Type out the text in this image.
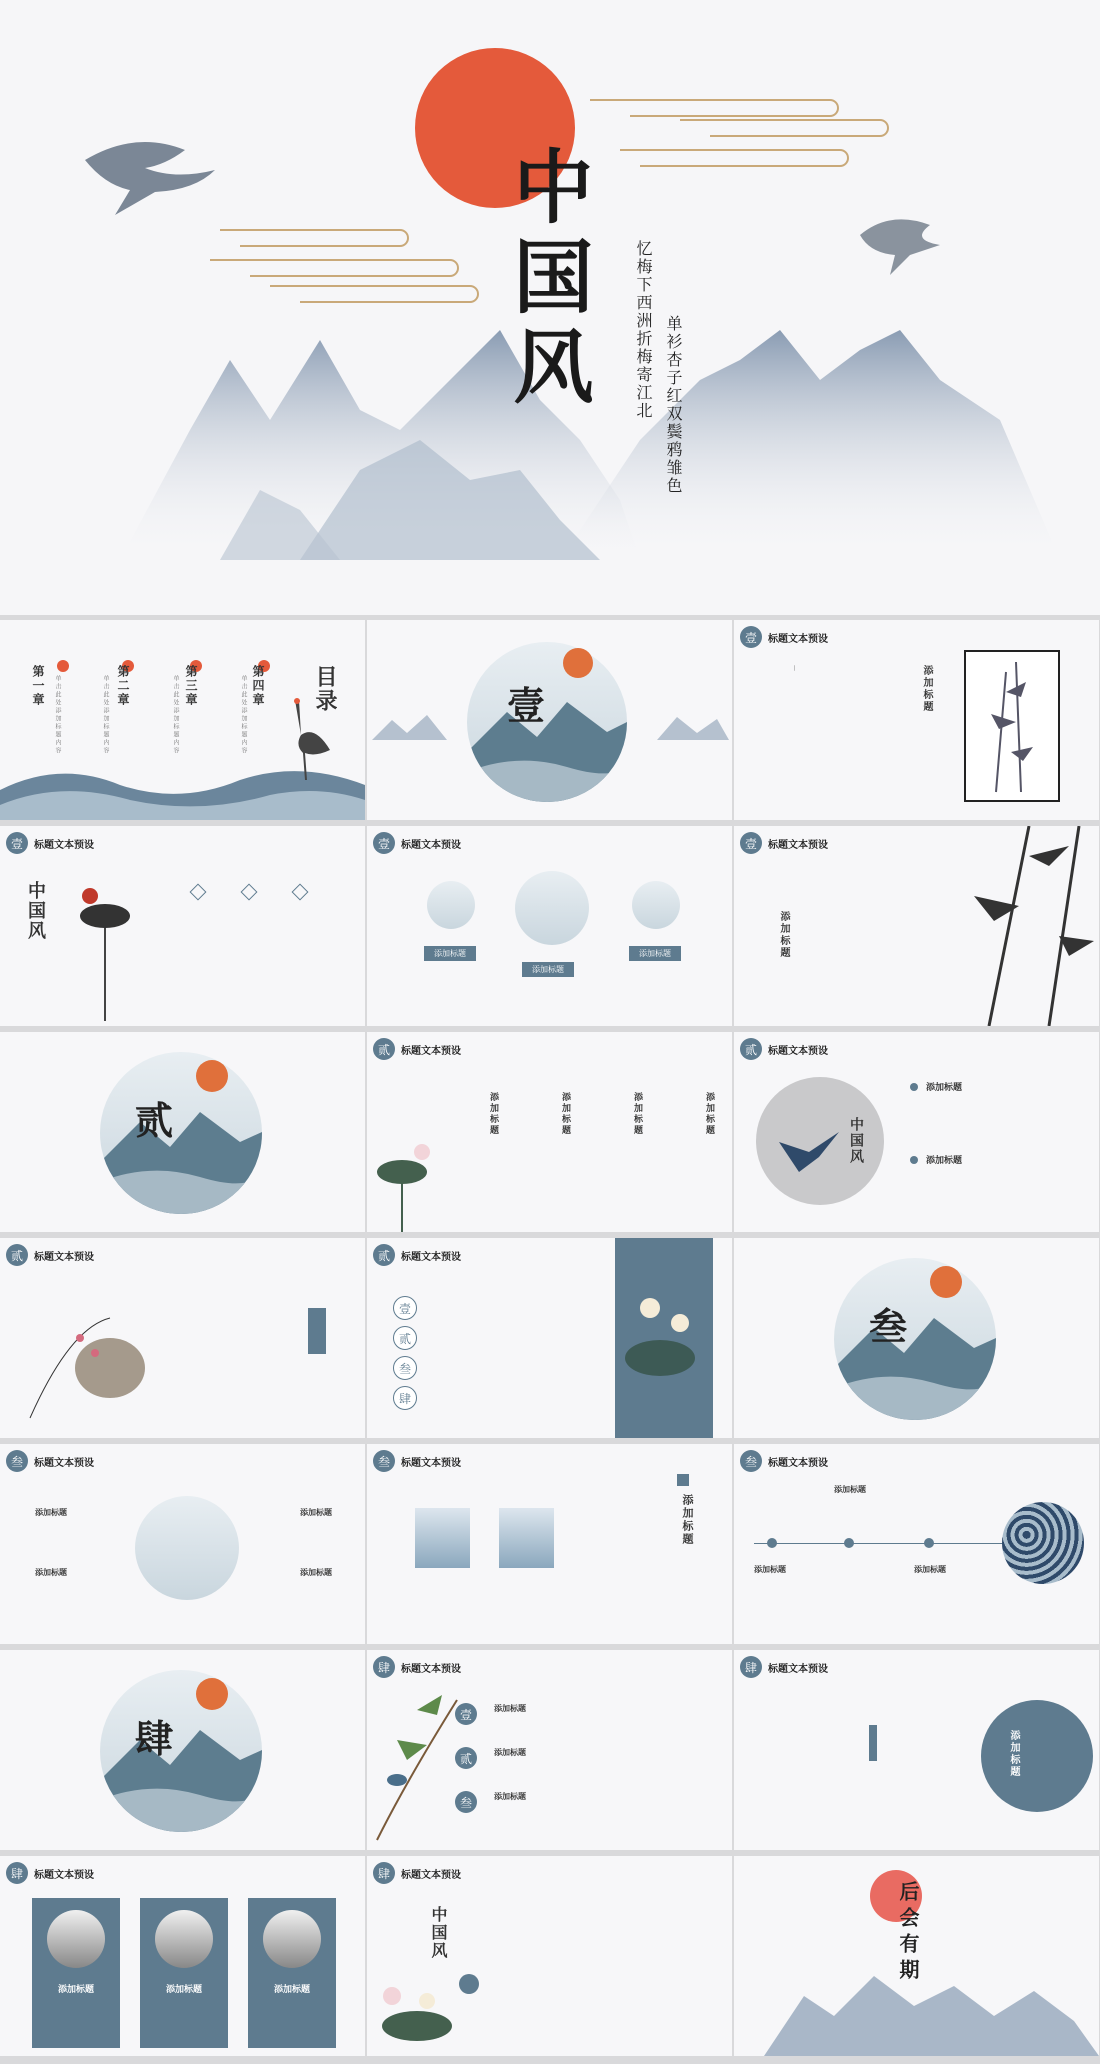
中国风	忆梅下西洲折梅寄江北 单衫杏子红双鬓鸦雏色
第一章	单击此处添加标题内容	第二章
单击此处添加标题内容	第三章
单击此处添加标题内容	第四章
单击此处添加标题内容	目录	壹
壹	标题文本预设
添加标题
—
壹	标题文本预设
中国风
壹	标题文本预设
添加标题
添加标题
添加标题
壹	标题文本预设
添加标题
贰
贰	标题文本预设
添加标题	添加标题	添加标题	添加标题
贰	标题文本预设
中国风
添加标题
添加标题
贰	标题文本预设	贰	标题文本预设
壹
贰
叁
肆
叁
叁	标题文本预设
添加标题
添加标题
添加标题
添加标题
叁	标题文本预设
添加标题
叁	标题文本预设
添加标题
添加标题	添加标题
肆
肆	标题文本预设
壹
贰
叁
添加标题
添加标题
添加标题
肆	标题文本预设
添加标题
肆	标题文本预设
添加标题	添加标题	添加标题
肆	标题文本预设
中国风	后会有期
